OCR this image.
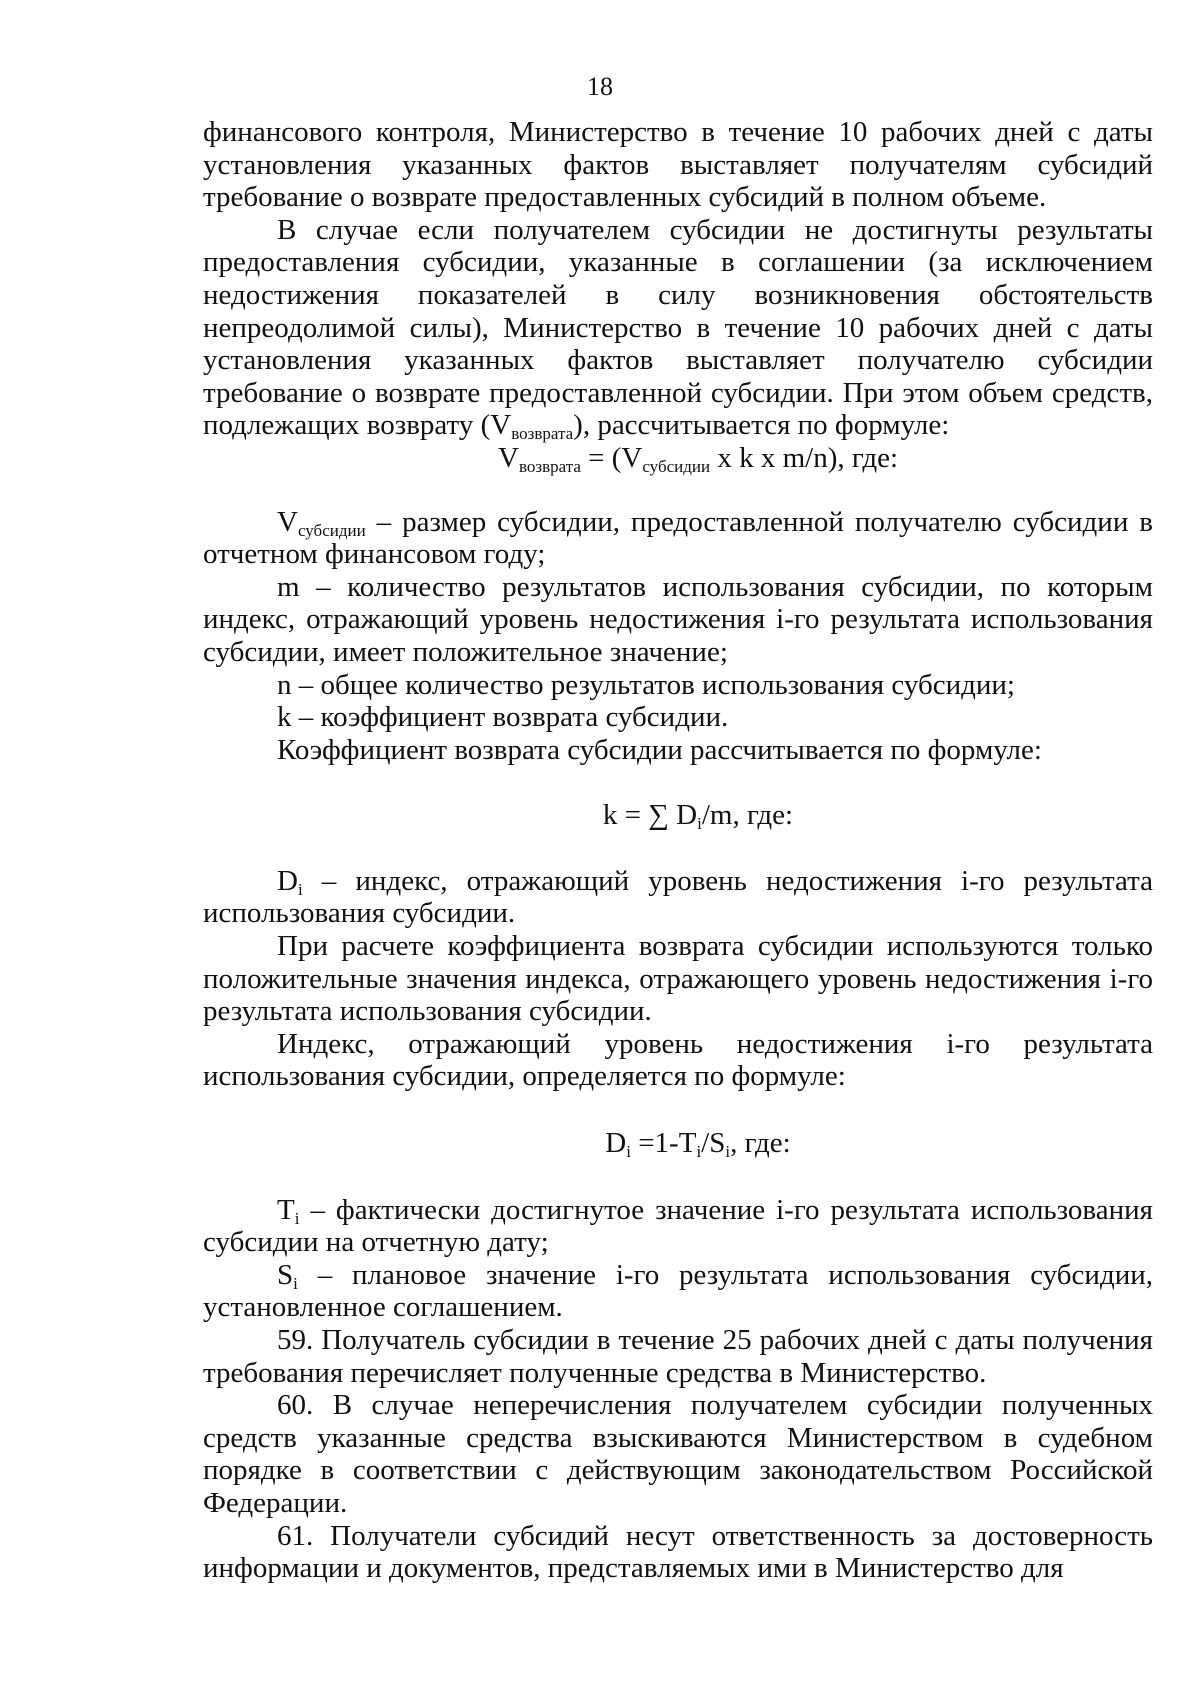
18

финансового контроля, Министерство в течение 10 рабочих дней с даты установления указанных фактов выставляет получателям субсидий требование о возврате предоставленных субсидий в полном объеме.

В случае если получателем субсидии не достигнуты результаты предоставления субсидии, указанные в соглашении (за исключением недостижения показателей в силу возникновения обстоятельств непреодолимой силы), Министерство в течение 10 рабочих дней с даты установления указанных фактов выставляет получателю субсидии требование о возврате предоставленной субсидии. При этом объем средств, подлежащих возврату $(V_{возврата})$, рассчитывается по формуле:

$V_{возврата} = (V_{субсидии}$ x k x m/n), где:

$V_{субсидии}$ – размер субсидии, предоставленной получателю субсидии в отчетном финансовом году;

m – количество результатов использования субсидии, по которым индекс, отражающий уровень недостижения i-го результата использования субсидии, имеет положительное значение;

n – общее количество результатов использования субсидии;

k – коэффициент возврата субсидии.

Коэффициент возврата субсидии рассчитывается по формуле:

k = ∑ $D_i/m$, где:

$D_i$ – индекс, отражающий уровень недостижения i-го результата использования субсидии.

При расчете коэффициента возврата субсидии используются только положительные значения индекса, отражающего уровень недостижения i-го результата использования субсидии.

Индекс, отражающий уровень недостижения i-го результата использования субсидии, определяется по формуле:

$D_i =1-T_i/S_i$, где:

$T_i$ – фактически достигнутое значение i-го результата использования субсидии на отчетную дату;

$S_i$ – плановое значение i-го результата использования субсидии, установленное соглашением.

59. Получатель субсидии в течение 25 рабочих дней с даты получения требования перечисляет полученные средства в Министерство.

60. В случае неперечисления получателем субсидии полученных средств указанные средства взыскиваются Министерством в судебном порядке в соответствии с действующим законодательством Российской Федерации.

61. Получатели субсидий несут ответственность за достоверность информации и документов, представляемых ими в Министерство для
